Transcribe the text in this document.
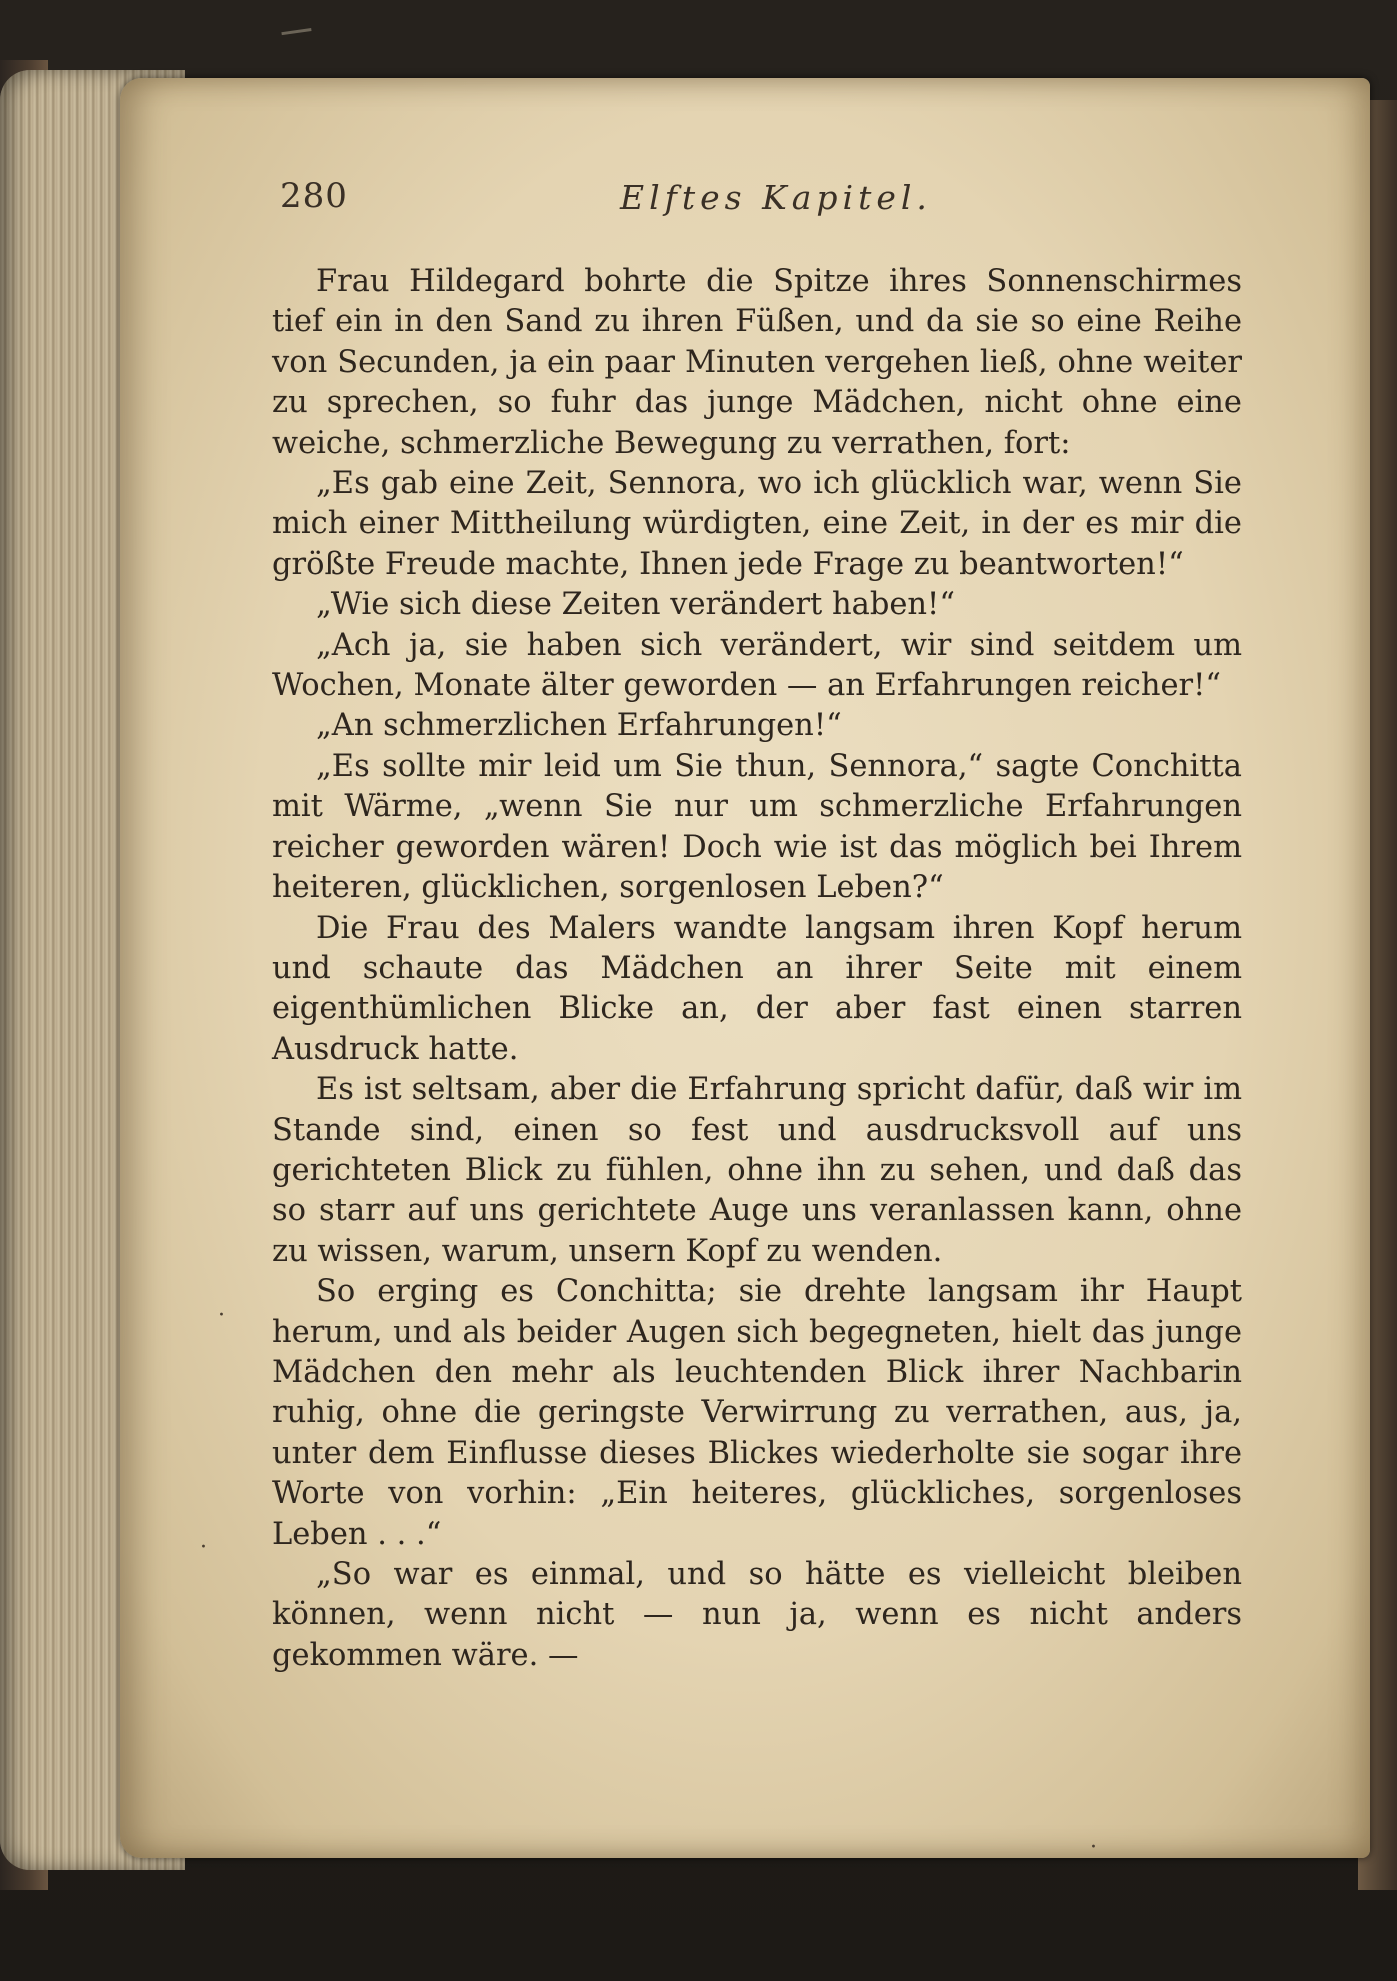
280	Elftes Kapitel.

Frau Hildegard bohrte die Spitze ihres Sonnenschirmes tief ein in den Sand zu ihren Füßen, und da sie so eine Reihe von Secunden, ja ein paar Minuten vergehen ließ, ohne weiter zu sprechen, so fuhr das junge Mädchen, nicht ohne eine weiche, schmerzliche Bewegung zu verrathen, fort:

„Es gab eine Zeit, Sennora, wo ich glücklich war, wenn Sie mich einer Mittheilung würdigten, eine Zeit, in der es mir die größte Freude machte, Ihnen jede Frage zu beantworten!“

„Wie sich diese Zeiten verändert haben!“

„Ach ja, sie haben sich verändert, wir sind seitdem um Wochen, Monate älter geworden — an Erfahrungen reicher!“

„An schmerzlichen Erfahrungen!“

„Es sollte mir leid um Sie thun, Sennora,“ sagte Conchitta mit Wärme, „wenn Sie nur um schmerzliche Erfahrungen reicher geworden wären! Doch wie ist das möglich bei Ihrem heiteren, glücklichen, sorgenlosen Leben?“

Die Frau des Malers wandte langsam ihren Kopf herum und schaute das Mädchen an ihrer Seite mit einem eigenthümlichen Blicke an, der aber fast einen starren Ausdruck hatte.

Es ist seltsam, aber die Erfahrung spricht dafür, daß wir im Stande sind, einen so fest und ausdrucksvoll auf uns gerichteten Blick zu fühlen, ohne ihn zu sehen, und daß das so starr auf uns gerichtete Auge uns veranlassen kann, ohne zu wissen, warum, unsern Kopf zu wenden.

So erging es Conchitta; sie drehte langsam ihr Haupt herum, und als beider Augen sich begegneten, hielt das junge Mädchen den mehr als leuchtenden Blick ihrer Nachbarin ruhig, ohne die geringste Verwirrung zu verrathen, aus, ja, unter dem Einflusse dieses Blickes wiederholte sie sogar ihre Worte von vorhin: „Ein heiteres, glückliches, sorgenloses Leben . . .“

„So war es einmal, und so hätte es vielleicht bleiben können, wenn nicht — nun ja, wenn es nicht anders gekommen wäre. —

·
·
·
